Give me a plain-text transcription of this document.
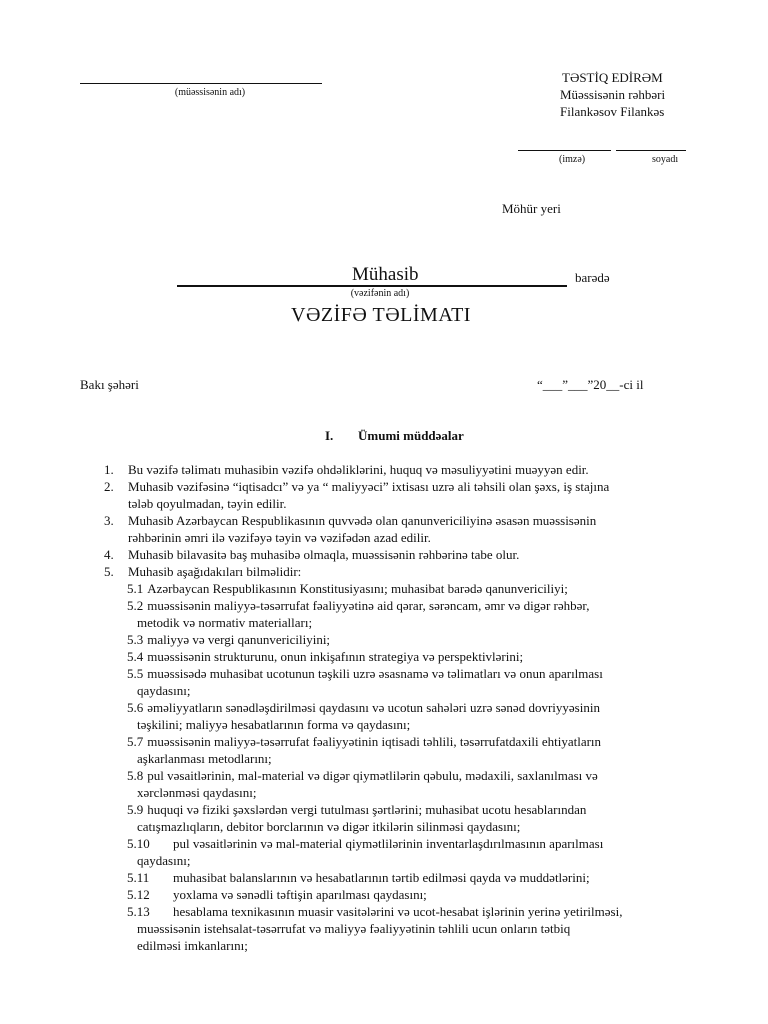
(müəssisənin adı)
TƏSTİQ EDİRƏM
Müəssisənin rəhbəri
Filankəsov Filankəs
(imzə)	soyadı
Möhür yeri
Mühasib	barədə
(vəzifənin adı)
VƏZİFƏ TƏLİMATI
Bakı şəhəri	“___”___”20__-ci il
I. Ümumi müddəalar
1.	Bu vəzifə təlimatı muhasibin vəzifə ohdəliklərini, huquq və məsuliyyətini muəyyən edir.
2.	Muhasib vəzifəsinə “iqtisadcı” və ya “ maliyyəci” ixtisası uzrə ali təhsili olan şəxs, iş stajına
tələb qoyulmadan, təyin edilir.
3.	Muhasib Azərbaycan Respublikasının quvvədə olan qanunvericiliyinə əsasən muəssisənin
rəhbərinin əmri ilə vəzifəyə təyin və vəzifədən azad edilir.
4.	Muhasib bilavasitə baş muhasibə olmaqla, muəssisənin rəhbərinə tabe olur.
5.	Muhasib aşağıdakıları bilməlidir:
5.1 Azərbaycan Respublikasının Konstitusiyasını; muhasibat barədə qanunvericiliyi;
5.2 muəssisənin maliyyə-təsərrufat fəaliyyətinə aid qərar, sərəncam, əmr və digər rəhbər,
metodik və normativ materialları;
5.3 maliyyə və vergi qanunvericiliyini;
5.4 muəssisənin strukturunu, onun inkişafının strategiya və perspektivlərini;
5.5 muəssisədə muhasibat ucotunun təşkili uzrə əsasnamə və təlimatları və onun aparılması
qaydasını;
5.6 əməliyyatların sənədləşdirilməsi qaydasını və ucotun sahələri uzrə sənəd dovriyyəsinin
təşkilini; maliyyə hesabatlarının forma və qaydasını;
5.7 muəssisənin maliyyə-təsərrufat fəaliyyətinin iqtisadi təhlili, təsərrufatdaxili ehtiyatların
aşkarlanması metodlarını;
5.8 pul vəsaitlərinin, mal-material və digər qiymətlilərin qəbulu, mədaxili, saxlanılması və
xərclənməsi qaydasını;
5.9 huquqi və fiziki şəxslərdən vergi tutulması şərtlərini; muhasibat ucotu hesablarından
catışmazlıqların, debitor borclarının və digər itkilərin silinməsi qaydasını;
5.10 pul vəsaitlərinin və mal-material qiymətlilərinin inventarlaşdırılmasının aparılması
qaydasını;
5.11 muhasibat balanslarının və hesabatlarının tərtib edilməsi qayda və muddətlərini;
5.12 yoxlama və sənədli təftişin aparılması qaydasını;
5.13 hesablama texnikasının muasir vasitələrini və ucot-hesabat işlərinin yerinə yetirilməsi,
muəssisənin istehsalat-təsərrufat və maliyyə fəaliyyətinin təhlili ucun onların tətbiq
edilməsi imkanlarını;
